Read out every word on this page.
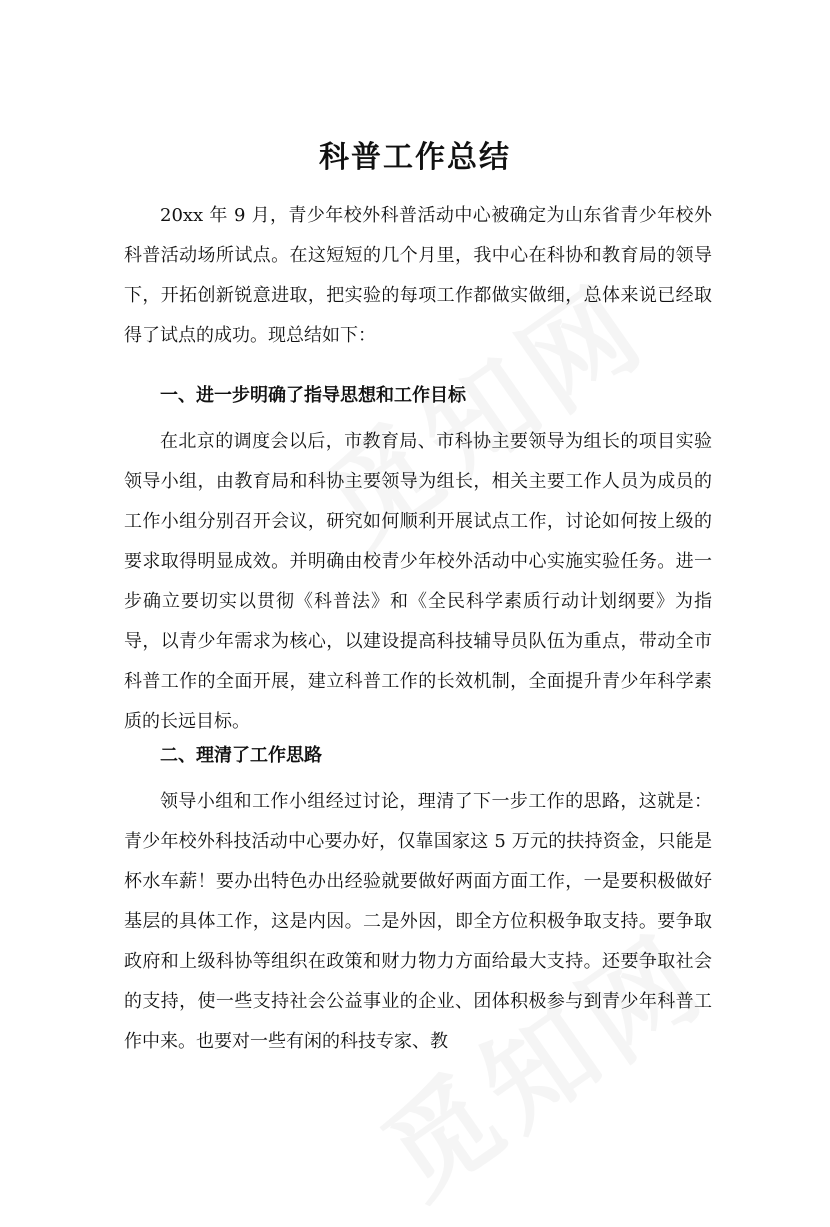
科普工作总结

20xx 年 9 月，青少年校外科普活动中心被确定为山东省青少年校外科普活动场所试点。在这短短的几个月里，我中心在科协和教育局的领导下，开拓创新锐意进取，把实验的每项工作都做实做细，总体来说已经取得了试点的成功。现总结如下：

一、进一步明确了指导思想和工作目标

在北京的调度会以后，市教育局、市科协主要领导为组长的项目实验领导小组，由教育局和科协主要领导为组长，相关主要工作人员为成员的工作小组分别召开会议，研究如何顺利开展试点工作，讨论如何按上级的要求取得明显成效。并明确由校青少年校外活动中心实施实验任务。进一步确立要切实以贯彻《科普法》和《全民科学素质行动计划纲要》为指导，以青少年需求为核心，以建设提高科技辅导员队伍为重点，带动全市科普工作的全面开展，建立科普工作的长效机制，全面提升青少年科学素质的长远目标。

二、理清了工作思路

领导小组和工作小组经过讨论，理清了下一步工作的思路，这就是：青少年校外科技活动中心要办好，仅靠国家这 5 万元的扶持资金，只能是杯水车薪！要办出特色办出经验就要做好两面方面工作，一是要积极做好基层的具体工作，这是内因。二是外因，即全方位积极争取支持。要争取政府和上级科协等组织在政策和财力物力方面给最大支持。还要争取社会的支持，使一些支持社会公益事业的企业、团体积极参与到青少年科普工作中来。也要对一些有闲的科技专家、教
